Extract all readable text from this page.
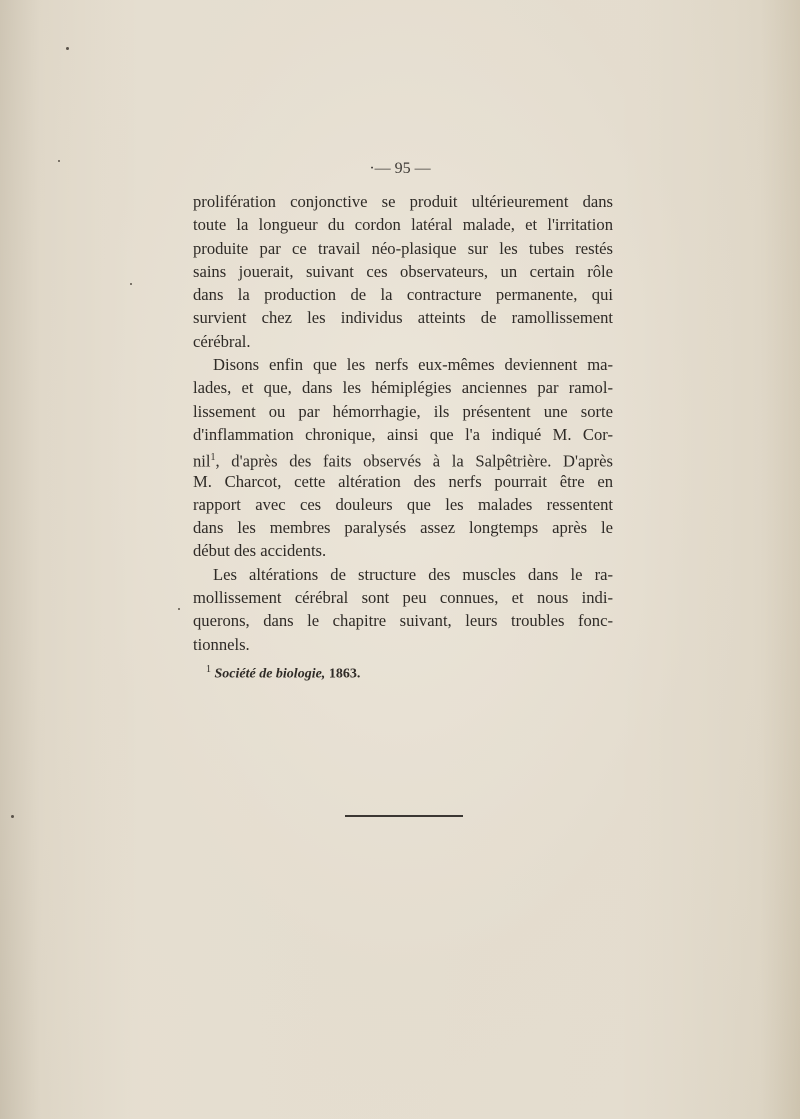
·— 95 —
prolifération conjonctive se produit ultérieurement dans
toute la longueur du cordon latéral malade, et l'irritation
produite par ce travail néo-plasique sur les tubes restés
sains jouerait, suivant ces observateurs, un certain rôle
dans la production de la contracture permanente, qui
survient chez les individus atteints de ramollissement
cérébral.
Disons enfin que les nerfs eux-mêmes deviennent ma-
lades, et que, dans les hémiplégies anciennes par ramol-
lissement ou par hémorrhagie, ils présentent une sorte
d'inflammation chronique, ainsi que l'a indiqué M. Cor-
nil$^1$, d'après des faits observés à la Salpêtrière. D'après
M. Charcot, cette altération des nerfs pourrait être en
rapport avec ces douleurs que les malades ressentent
dans les membres paralysés assez longtemps après le
début des accidents.
Les altérations de structure des muscles dans le ra-
mollissement cérébral sont peu connues, et nous indi-
querons, dans le chapitre suivant, leurs troubles fonc-
tionnels.
$^1$ Société de biologie, 1863.
